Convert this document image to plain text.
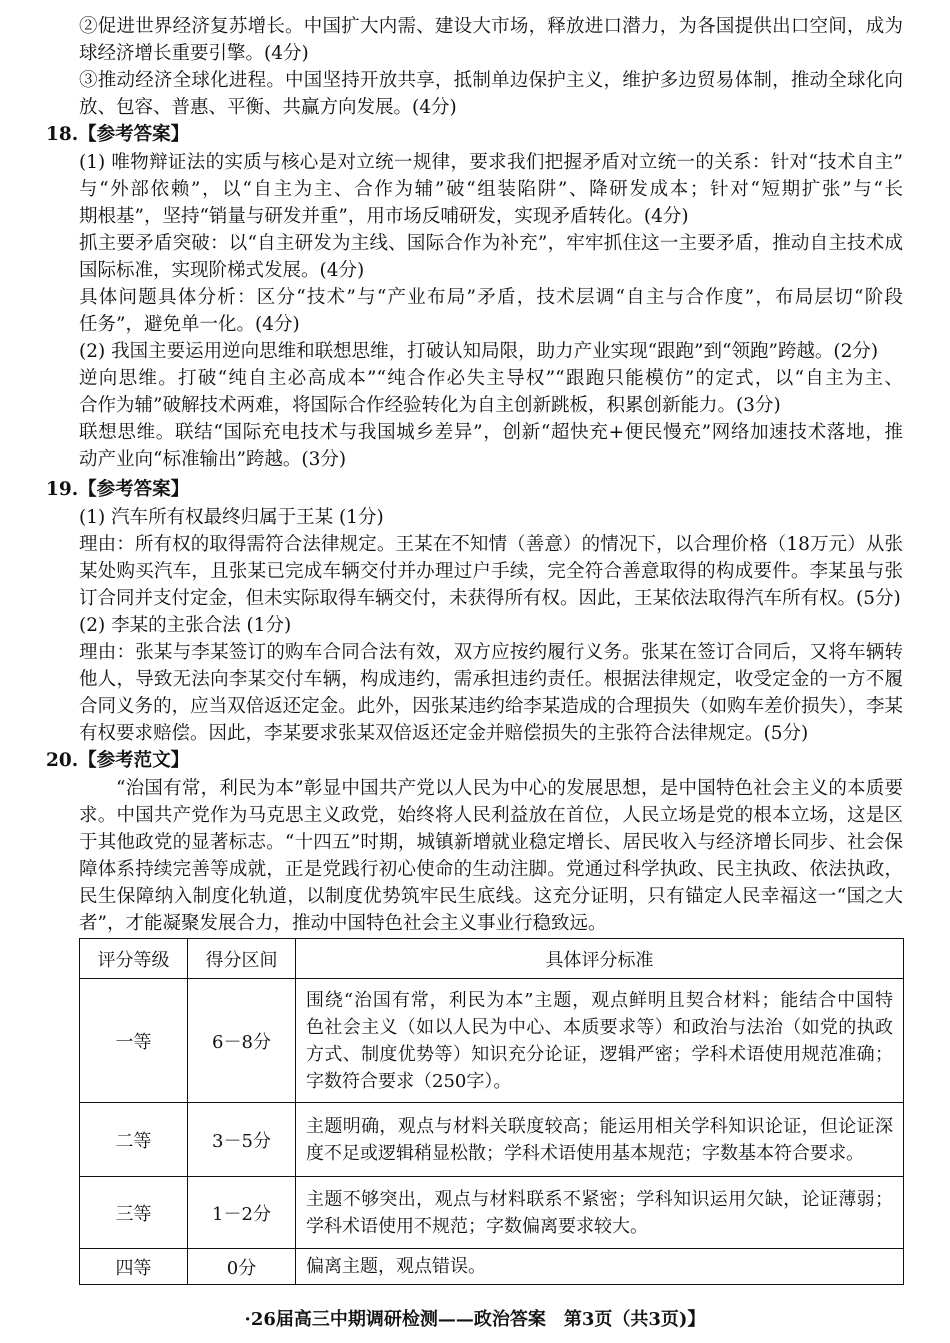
②促进世界经济复苏增长。中国扩大内需、建设大市场，释放进口潜力，为各国提供出口空间，成为
球经济增长重要引擎。(4分)
③推动经济全球化进程。中国坚持开放共享，抵制单边保护主义，维护多边贸易体制，推动全球化向
放、包容、普惠、平衡、共赢方向发展。(4分)
18.【参考答案】
(1) 唯物辩证法的实质与核心是对立统一规律，要求我们把握矛盾对立统一的关系：针对“技术自主”
与“外部依赖”，以“自主为主、合作为辅”破“组装陷阱”、降研发成本；针对“短期扩张”与“长
期根基”，坚持“销量与研发并重”，用市场反哺研发，实现矛盾转化。(4分)
抓主要矛盾突破：以“自主研发为主线、国际合作为补充”，牢牢抓住这一主要矛盾，推动自主技术成
国际标准，实现阶梯式发展。(4分)
具体问题具体分析：区分“技术”与“产业布局”矛盾，技术层调“自主与合作度”，布局层切“阶段
任务”，避免单一化。(4分)
(2) 我国主要运用逆向思维和联想思维，打破认知局限，助力产业实现“跟跑”到“领跑”跨越。(2分)
逆向思维。打破“纯自主必高成本”“纯合作必失主导权”“跟跑只能模仿”的定式，以“自主为主、
合作为辅”破解技术两难，将国际合作经验转化为自主创新跳板，积累创新能力。(3分)
联想思维。联结“国际充电技术与我国城乡差异”，创新“超快充+便民慢充”网络加速技术落地，推
动产业向“标准输出”跨越。(3分)
19.【参考答案】
(1) 汽车所有权最终归属于王某 (1分)
理由：所有权的取得需符合法律规定。王某在不知情（善意）的情况下，以合理价格（18万元）从张
某处购买汽车，且张某已完成车辆交付并办理过户手续，完全符合善意取得的构成要件。李某虽与张
订合同并支付定金，但未实际取得车辆交付，未获得所有权。因此，王某依法取得汽车所有权。(5分)
(2) 李某的主张合法 (1分)
理由：张某与李某签订的购车合同合法有效，双方应按约履行义务。张某在签订合同后，又将车辆转
他人，导致无法向李某交付车辆，构成违约，需承担违约责任。根据法律规定，收受定金的一方不履
合同义务的，应当双倍返还定金。此外，因张某违约给李某造成的合理损失（如购车差价损失），李某
有权要求赔偿。因此，李某要求张某双倍返还定金并赔偿损失的主张符合法律规定。(5分)
20.【参考范文】
“治国有常，利民为本”彰显中国共产党以人民为中心的发展思想，是中国特色社会主义的本质要
求。中国共产党作为马克思主义政党，始终将人民利益放在首位，人民立场是党的根本立场，这是区
于其他政党的显著标志。“十四五”时期，城镇新增就业稳定增长、居民收入与经济增长同步、社会保
障体系持续完善等成就，正是党践行初心使命的生动注脚。党通过科学执政、民主执政、依法执政，
民生保障纳入制度化轨道，以制度优势筑牢民生底线。这充分证明，只有锚定人民幸福这一“国之大
者”，才能凝聚发展合力，推动中国特色社会主义事业行稳致远。
评分等级	得分区间	具体评分标准
一等	6－8分	围绕“治国有常，利民为本”主题，观点鲜明且契合材料；能结合中国特
色社会主义（如以人民为中心、本质要求等）和政治与法治（如党的执政
方式、制度优势等）知识充分论证，逻辑严密；学科术语使用规范准确；
字数符合要求（250字）。

二等	3－5分	主题明确，观点与材料关联度较高；能运用相关学科知识论证，但论证深
度不足或逻辑稍显松散；学科术语使用基本规范；字数基本符合要求。

三等	1－2分	主题不够突出，观点与材料联系不紧密；学科知识运用欠缺，论证薄弱；
学科术语使用不规范；字数偏离要求较大。

四等	0分	偏离主题，观点错误。
·26届高三中期调研检测——政治答案　第3页（共3页)】
